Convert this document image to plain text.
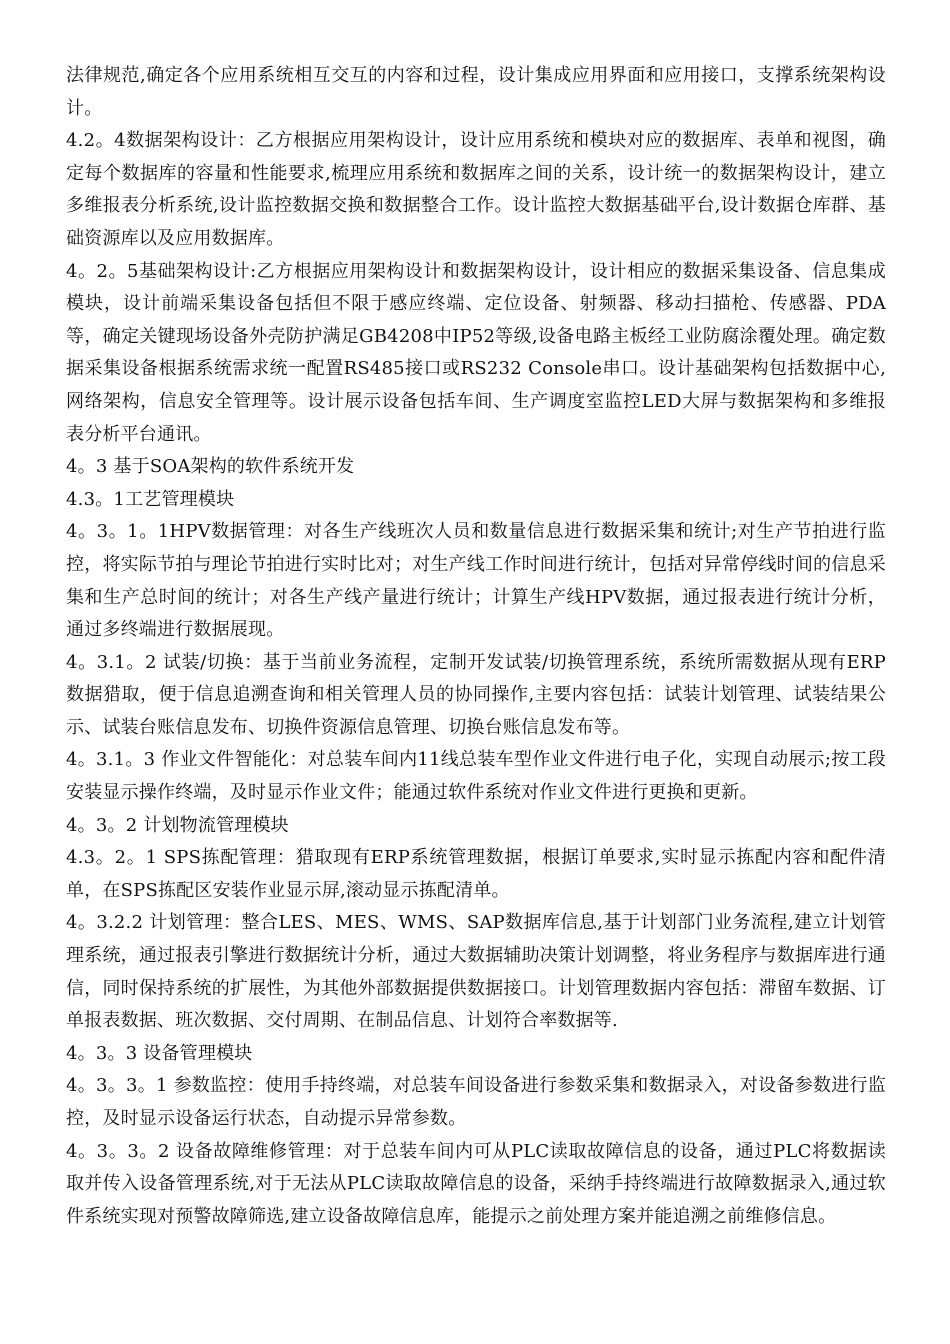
法律规范,确定各个应用系统相互交互的内容和过程，设计集成应用界面和应用接口，支撑系统架构设计。

4.2。4数据架构设计：乙方根据应用架构设计，设计应用系统和模块对应的数据库、表单和视图，确定每个数据库的容量和性能要求,梳理应用系统和数据库之间的关系，设计统一的数据架构设计，建立多维报表分析系统,设计监控数据交换和数据整合工作。设计监控大数据基础平台,设计数据仓库群、基础资源库以及应用数据库。

4。2。5基础架构设计:乙方根据应用架构设计和数据架构设计，设计相应的数据采集设备、信息集成模块，设计前端采集设备包括但不限于感应终端、定位设备、射频器、移动扫描枪、传感器、PDA等，确定关键现场设备外壳防护满足GB4208中IP52等级,设备电路主板经工业防腐涂覆处理。确定数据采集设备根据系统需求统一配置RS485接口或RS232 Console串口。设计基础架构包括数据中心,网络架构，信息安全管理等。设计展示设备包括车间、生产调度室监控LED大屏与数据架构和多维报表分析平台通讯。

4。3 基于SOA架构的软件系统开发

4.3。1工艺管理模块

4。3。1。1HPV数据管理：对各生产线班次人员和数量信息进行数据采集和统计;对生产节拍进行监控，将实际节拍与理论节拍进行实时比对；对生产线工作时间进行统计，包括对异常停线时间的信息采集和生产总时间的统计；对各生产线产量进行统计；计算生产线HPV数据，通过报表进行统计分析，通过多终端进行数据展现。

4。3.1。2 试装/切换：基于当前业务流程，定制开发试装/切换管理系统，系统所需数据从现有ERP数据猎取，便于信息追溯查询和相关管理人员的协同操作,主要内容包括：试装计划管理、试装结果公示、试装台账信息发布、切换件资源信息管理、切换台账信息发布等。

4。3.1。3 作业文件智能化：对总装车间内11线总装车型作业文件进行电子化，实现自动展示;按工段安装显示操作终端，及时显示作业文件；能通过软件系统对作业文件进行更换和更新。

4。3。2 计划物流管理模块

4.3。2。1 SPS拣配管理：猎取现有ERP系统管理数据，根据订单要求,实时显示拣配内容和配件清单，在SPS拣配区安装作业显示屏,滚动显示拣配清单。

4。3.2.2 计划管理：整合LES、MES、WMS、SAP数据库信息,基于计划部门业务流程,建立计划管理系统，通过报表引擎进行数据统计分析，通过大数据辅助决策计划调整，将业务程序与数据库进行通信，同时保持系统的扩展性，为其他外部数据提供数据接口。计划管理数据内容包括：滞留车数据、订单报表数据、班次数据、交付周期、在制品信息、计划符合率数据等.

4。3。3 设备管理模块

4。3。3。1 参数监控：使用手持终端，对总装车间设备进行参数采集和数据录入，对设备参数进行监控，及时显示设备运行状态，自动提示异常参数。

4。3。3。2 设备故障维修管理：对于总装车间内可从PLC读取故障信息的设备，通过PLC将数据读取并传入设备管理系统,对于无法从PLC读取故障信息的设备，采纳手持终端进行故障数据录入,通过软件系统实现对预警故障筛选,建立设备故障信息库，能提示之前处理方案并能追溯之前维修信息。
